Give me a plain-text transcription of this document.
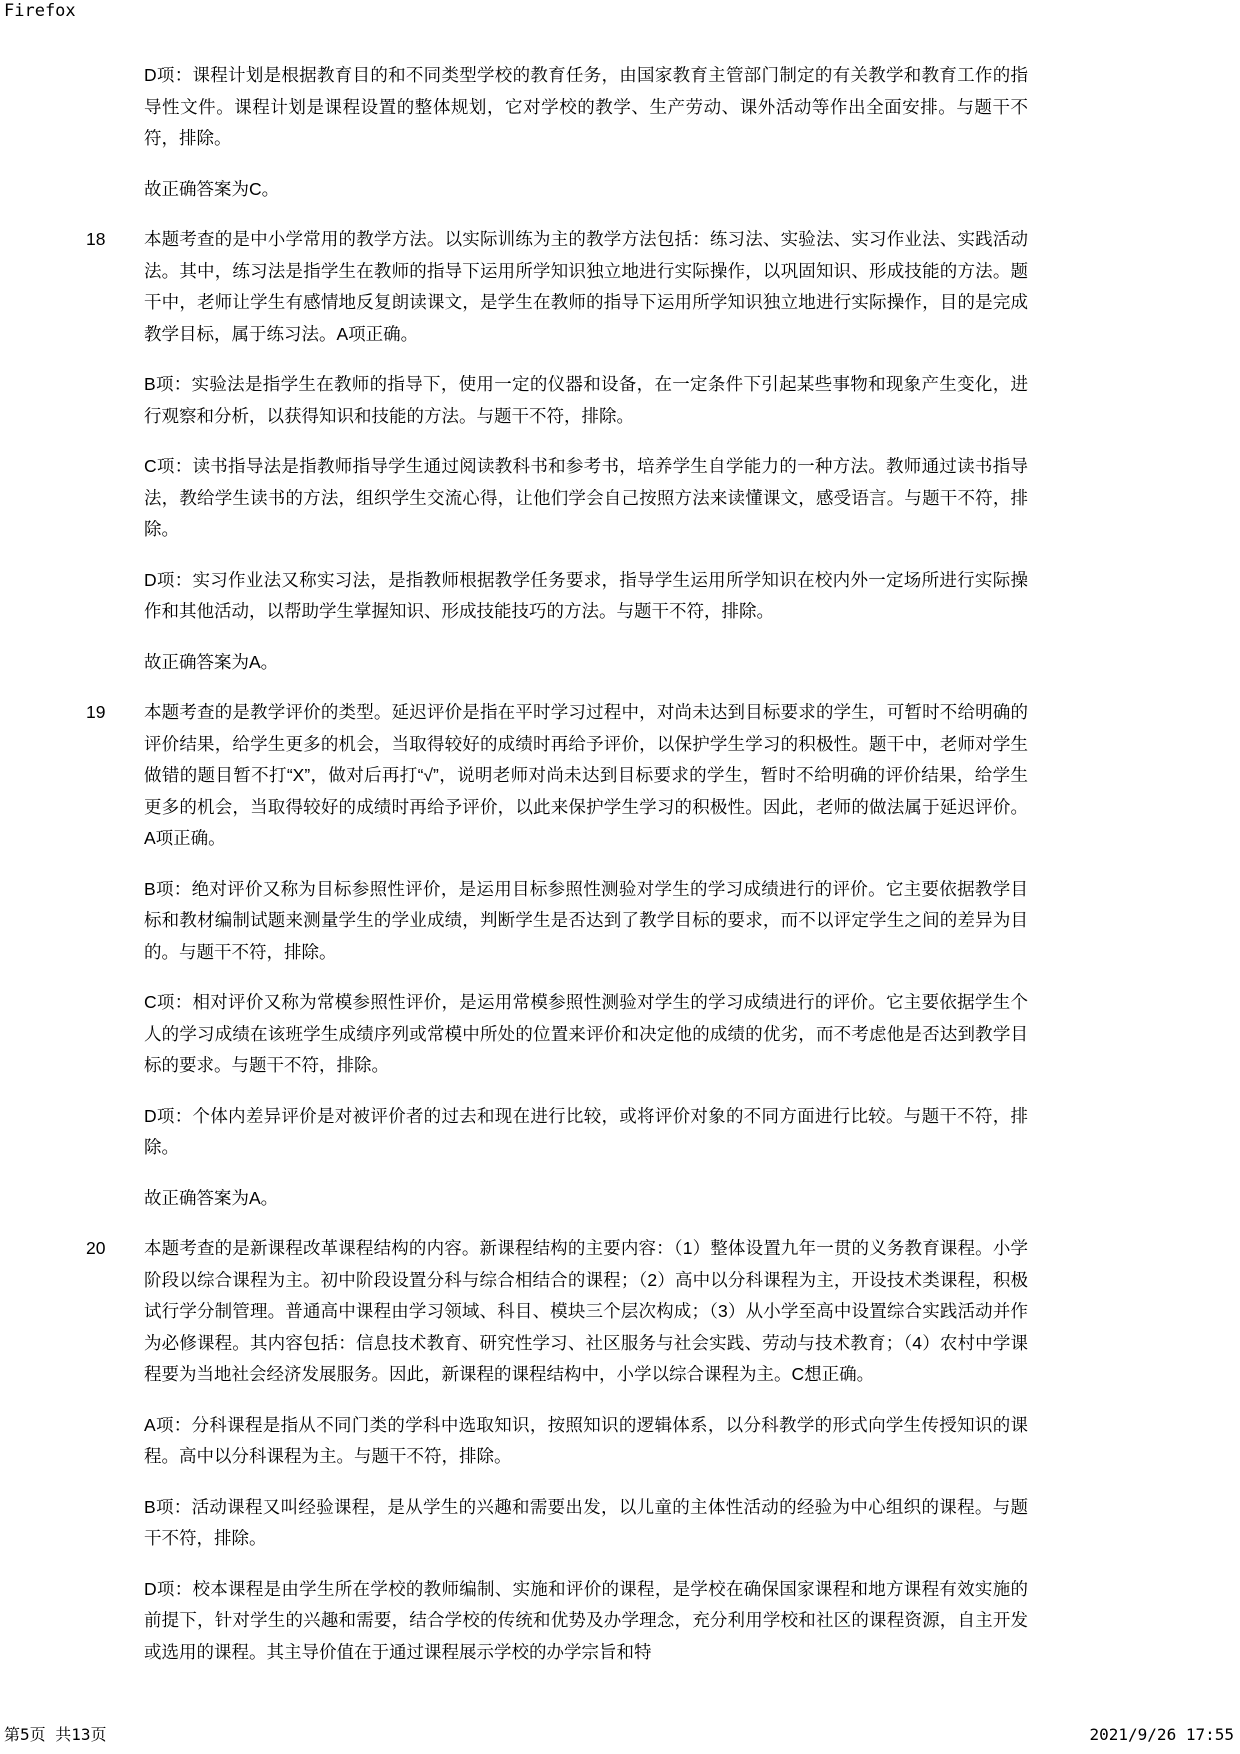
Firefox

D项：课程计划是根据教育目的和不同类型学校的教育任务，由国家教育主管部门制定的有关教学和教育工作的指导性文件。课程计划是课程设置的整体规划，它对学校的教学、生产劳动、课外活动等作出全面安排。与题干不符，排除。

故正确答案为C。

18	本题考查的是中小学常用的教学方法。以实际训练为主的教学方法包括：练习法、实验法、实习作业法、实践活动法。其中，练习法是指学生在教师的指导下运用所学知识独立地进行实际操作，以巩固知识、形成技能的方法。题干中，老师让学生有感情地反复朗读课文，是学生在教师的指导下运用所学知识独立地进行实际操作，目的是完成教学目标，属于练习法。A项正确。

B项：实验法是指学生在教师的指导下，使用一定的仪器和设备，在一定条件下引起某些事物和现象产生变化，进行观察和分析，以获得知识和技能的方法。与题干不符，排除。

C项：读书指导法是指教师指导学生通过阅读教科书和参考书，培养学生自学能力的一种方法。教师通过读书指导法，教给学生读书的方法，组织学生交流心得，让他们学会自己按照方法来读懂课文，感受语言。与题干不符，排除。

D项：实习作业法又称实习法，是指教师根据教学任务要求，指导学生运用所学知识在校内外一定场所进行实际操作和其他活动，以帮助学生掌握知识、形成技能技巧的方法。与题干不符，排除。

故正确答案为A。

19	本题考查的是教学评价的类型。延迟评价是指在平时学习过程中，对尚未达到目标要求的学生，可暂时不给明确的评价结果，给学生更多的机会，当取得较好的成绩时再给予评价，以保护学生学习的积极性。题干中，老师对学生做错的题目暂不打“X”，做对后再打“√”，说明老师对尚未达到目标要求的学生，暂时不给明确的评价结果，给学生更多的机会，当取得较好的成绩时再给予评价，以此来保护学生学习的积极性。因此，老师的做法属于延迟评价。A项正确。

B项：绝对评价又称为目标参照性评价，是运用目标参照性测验对学生的学习成绩进行的评价。它主要依据教学目标和教材编制试题来测量学生的学业成绩，判断学生是否达到了教学目标的要求，而不以评定学生之间的差异为目的。与题干不符，排除。

C项：相对评价又称为常模参照性评价，是运用常模参照性测验对学生的学习成绩进行的评价。它主要依据学生个人的学习成绩在该班学生成绩序列或常模中所处的位置来评价和决定他的成绩的优劣，而不考虑他是否达到教学目标的要求。与题干不符，排除。

D项：个体内差异评价是对被评价者的过去和现在进行比较，或将评价对象的不同方面进行比较。与题干不符，排除。

故正确答案为A。

20	本题考查的是新课程改革课程结构的内容。新课程结构的主要内容：（1）整体设置九年一贯的义务教育课程。小学阶段以综合课程为主。初中阶段设置分科与综合相结合的课程；（2）高中以分科课程为主，开设技术类课程，积极试行学分制管理。普通高中课程由学习领域、科目、模块三个层次构成；（3）从小学至高中设置综合实践活动并作为必修课程。其内容包括：信息技术教育、研究性学习、社区服务与社会实践、劳动与技术教育；（4）农村中学课程要为当地社会经济发展服务。因此，新课程的课程结构中，小学以综合课程为主。C想正确。

A项：分科课程是指从不同门类的学科中选取知识，按照知识的逻辑体系，以分科教学的形式向学生传授知识的课程。高中以分科课程为主。与题干不符，排除。

B项：活动课程又叫经验课程，是从学生的兴趣和需要出发，以儿童的主体性活动的经验为中心组织的课程。与题干不符，排除。

D项：校本课程是由学生所在学校的教师编制、实施和评价的课程，是学校在确保国家课程和地方课程有效实施的前提下，针对学生的兴趣和需要，结合学校的传统和优势及办学理念，充分利用学校和社区的课程资源，自主开发或选用的课程。其主导价值在于通过课程展示学校的办学宗旨和特

第5页 共13页	2021/9/26 17:55
